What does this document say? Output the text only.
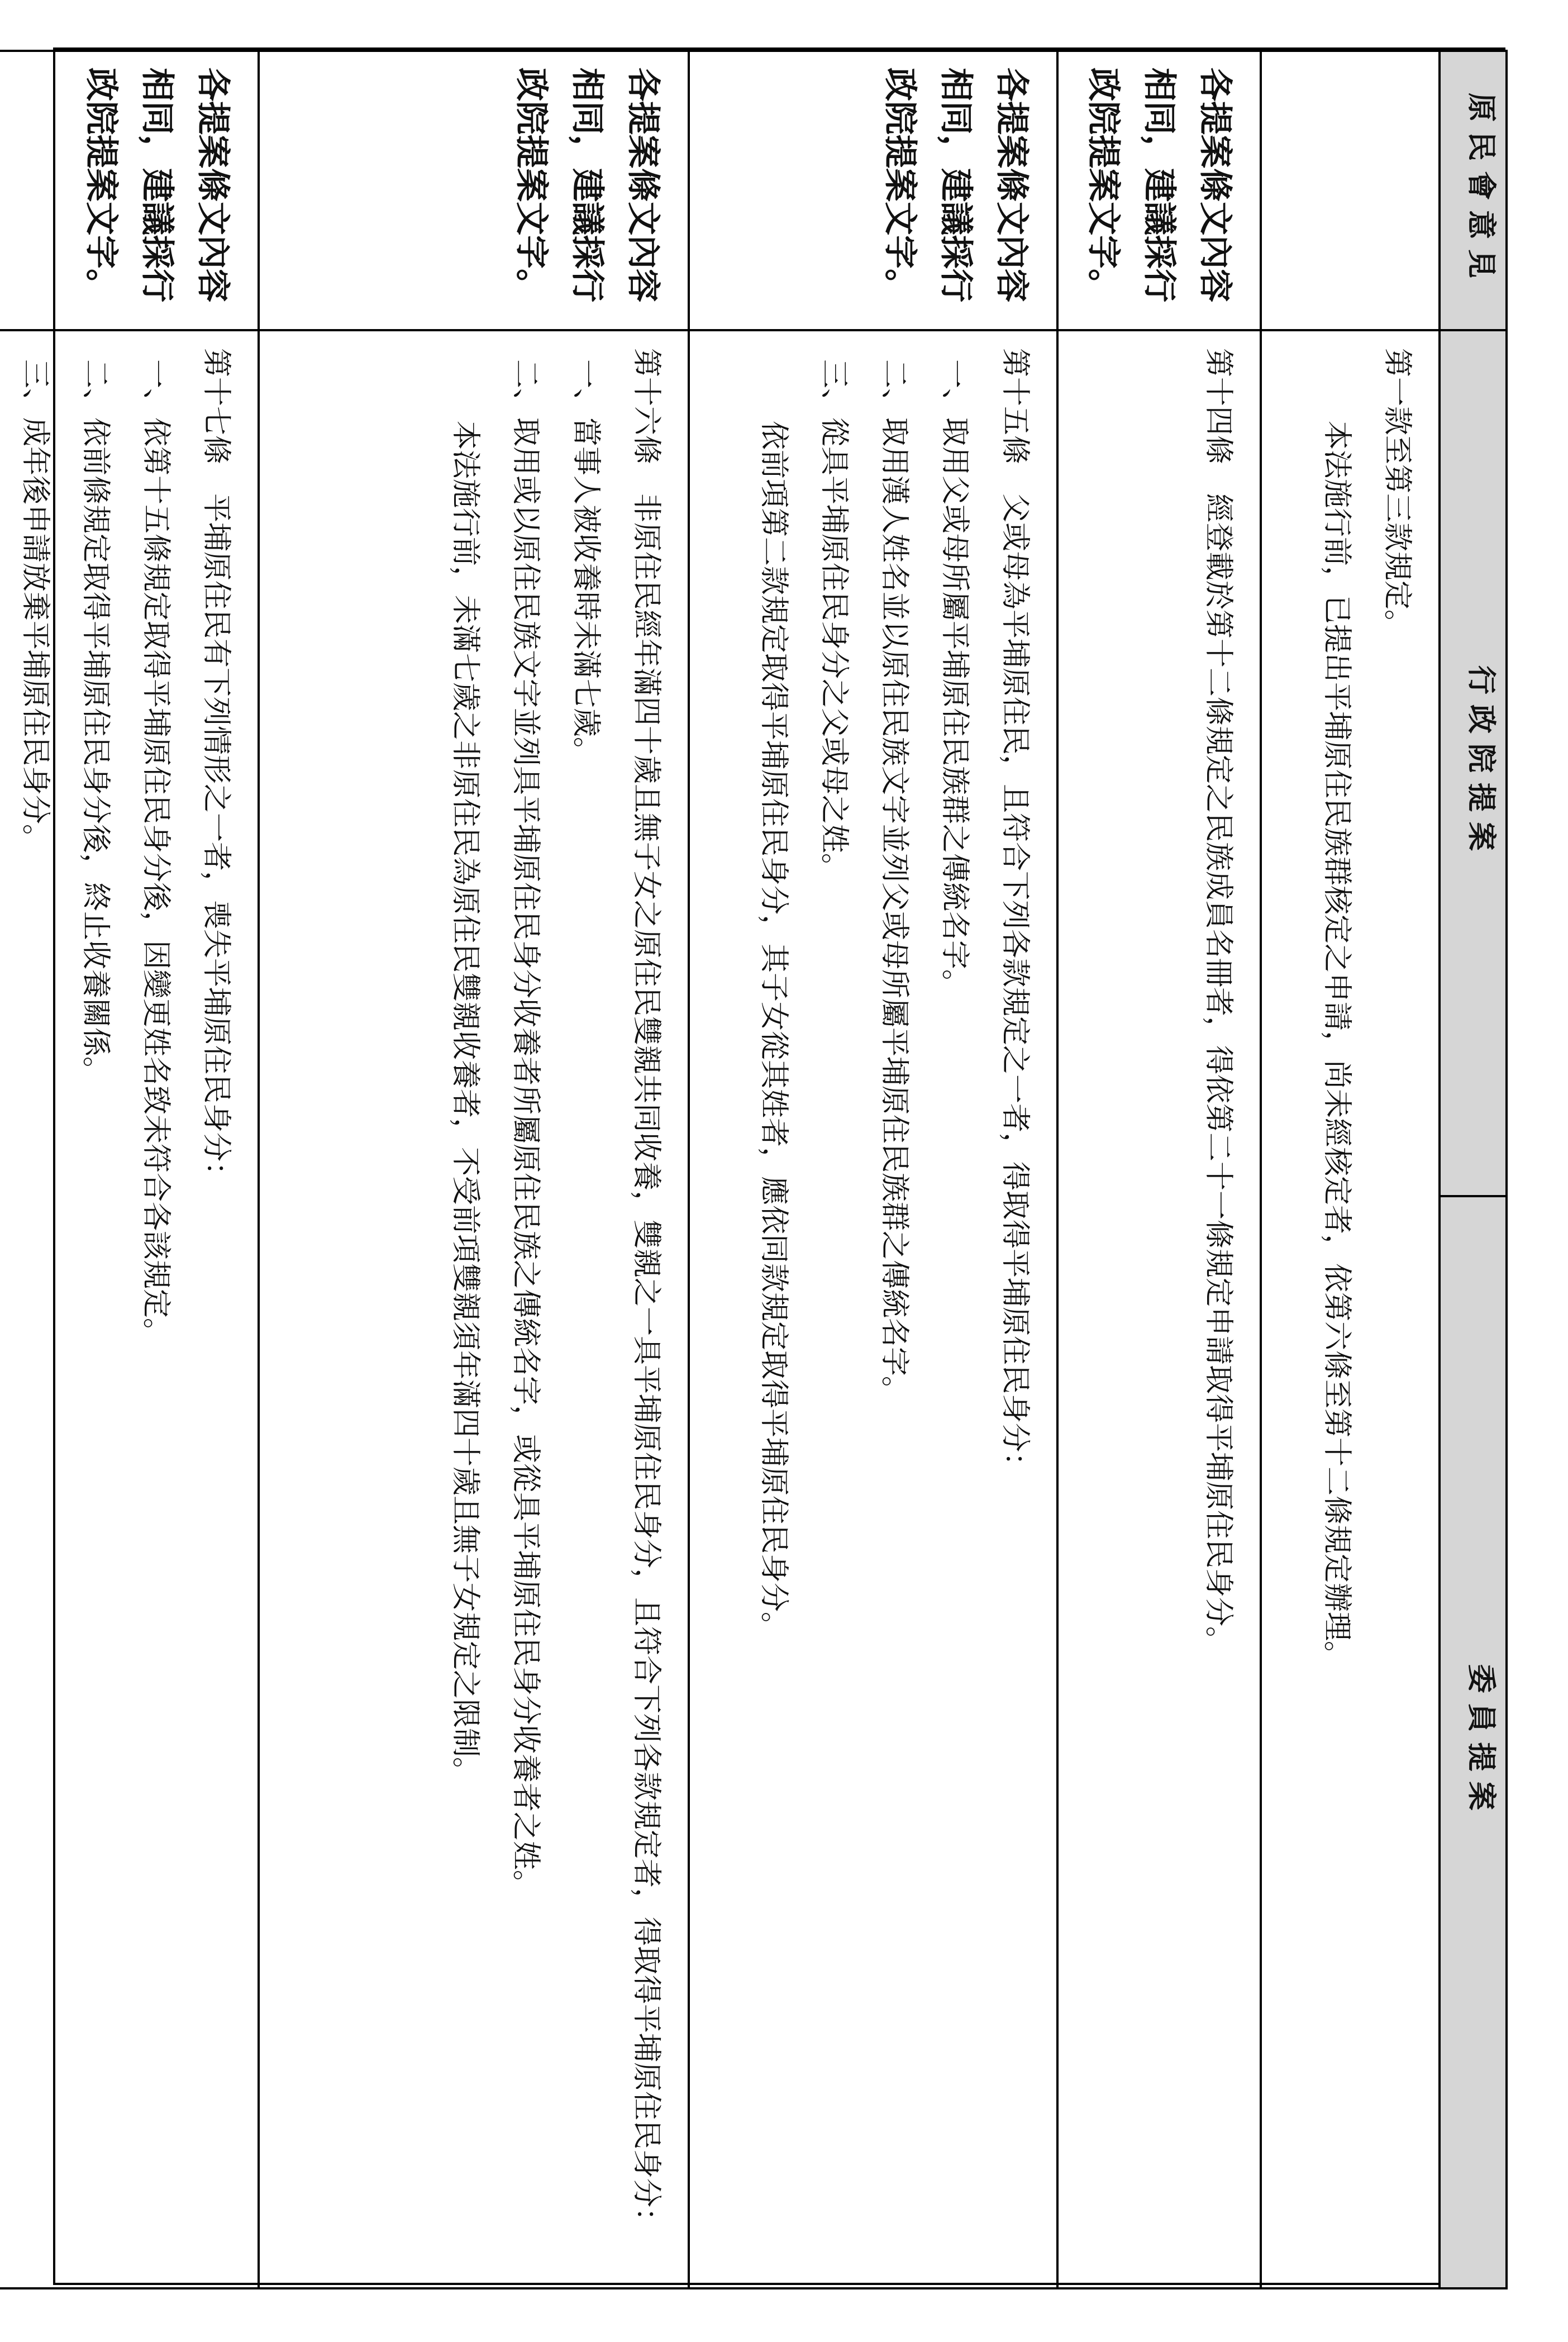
原民會意見	行政院提案	委員提案

	第一款至第三款規定。

本法施行前，已提出平埔原住民族群核定之申請，尚未經核定者，依第六條至第十二條規定辦理。	

各提案條文內容相同，建議採行政院提案文字。	第十四條　經登載於第十二條規定之民族成員名冊者，得依第二十一條規定申請取得平埔原住民身分。	

各提案條文內容相同，建議採行政院提案文字。	第十五條　父或母為平埔原住民，且符合下列各款規定之一者，得取得平埔原住民身分：

一、取用父或母所屬平埔原住民族群之傳統名字。

二、取用漢人姓名並以原住民族文字並列父或母所屬平埔原住民族群之傳統名字。

三、從具平埔原住民身分之父或母之姓。

依前項第二款規定取得平埔原住民身分，其子女從其姓者，應依同款規定取得平埔原住民身分。	

各提案條文內容相同，建議採行政院提案文字。	第十六條　非原住民經年滿四十歲且無子女之原住民雙親共同收養，雙親之一具平埔原住民身分，且符合下列各款規定者，得取得平埔原住民身分：

一、當事人被收養時未滿七歲。

二、取用或以原住民族文字並列具平埔原住民身分收養者所屬原住民族之傳統名字，或從具平埔原住民身分收養者之姓。

本法施行前，未滿七歲之非原住民為原住民雙親收養者，不受前項雙親須年滿四十歲且無子女規定之限制。	

各提案條文內容相同，建議採行政院提案文字。	第十七條　平埔原住民有下列情形之一者，喪失平埔原住民身分：

一、依第十五條規定取得平埔原住民身分後，因變更姓名致未符合各該規定。

二、依前條規定取得平埔原住民身分後，終止收養關係。

三、成年後申請放棄平埔原住民身分。	
